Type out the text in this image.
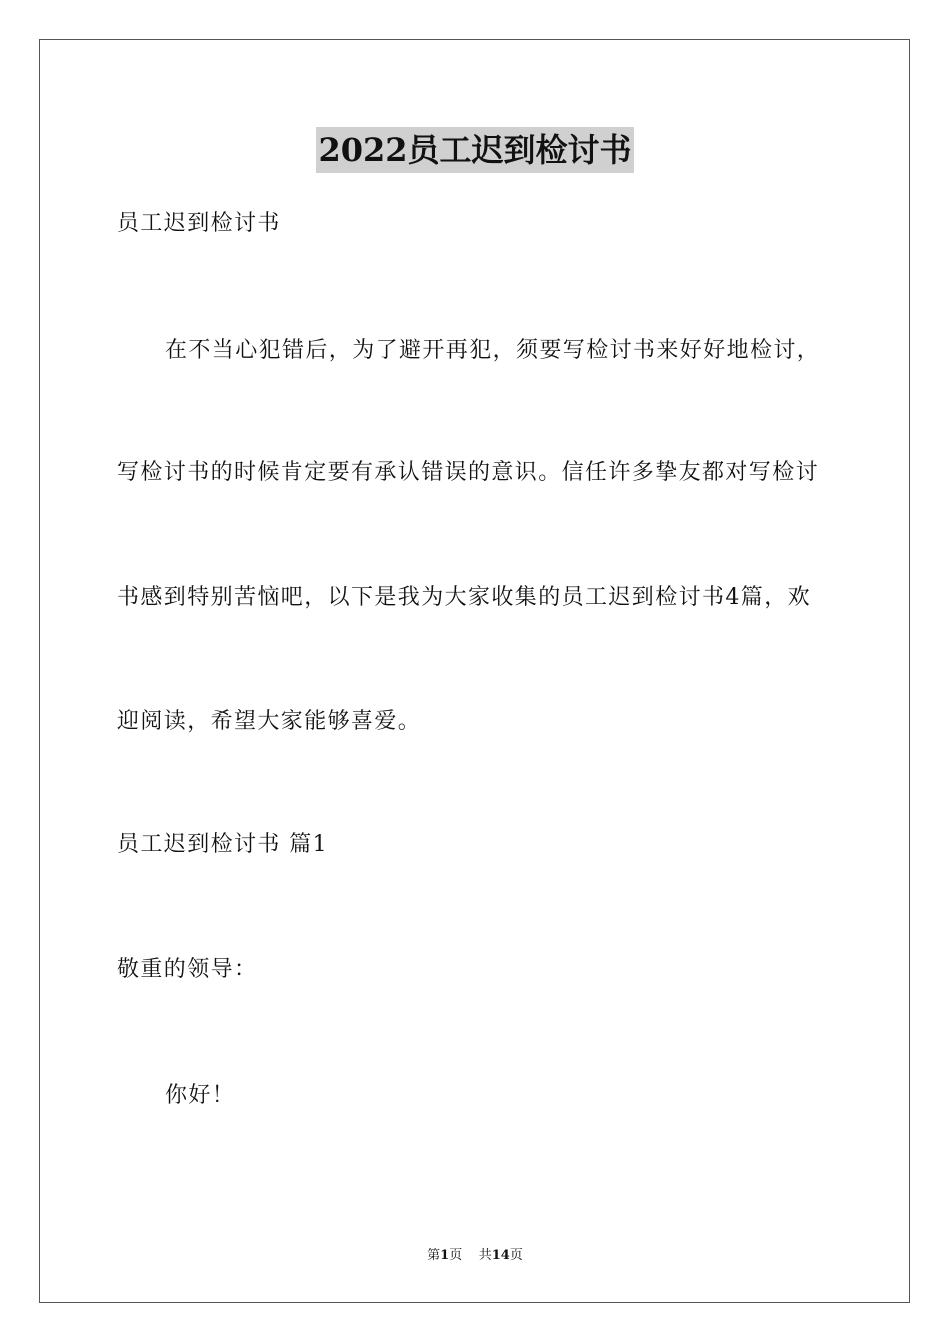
2022员工迟到检讨书
员工迟到检讨书
在不当心犯错后，为了避开再犯，须要写检讨书来好好地检讨，
写检讨书的时候肯定要有承认错误的意识。信任许多挚友都对写检讨
书感到特别苦恼吧，以下是我为大家收集的员工迟到检讨书4篇，欢
迎阅读，希望大家能够喜爱。
员工迟到检讨书 篇1
敬重的领导：
你好！
第1页 共14页
